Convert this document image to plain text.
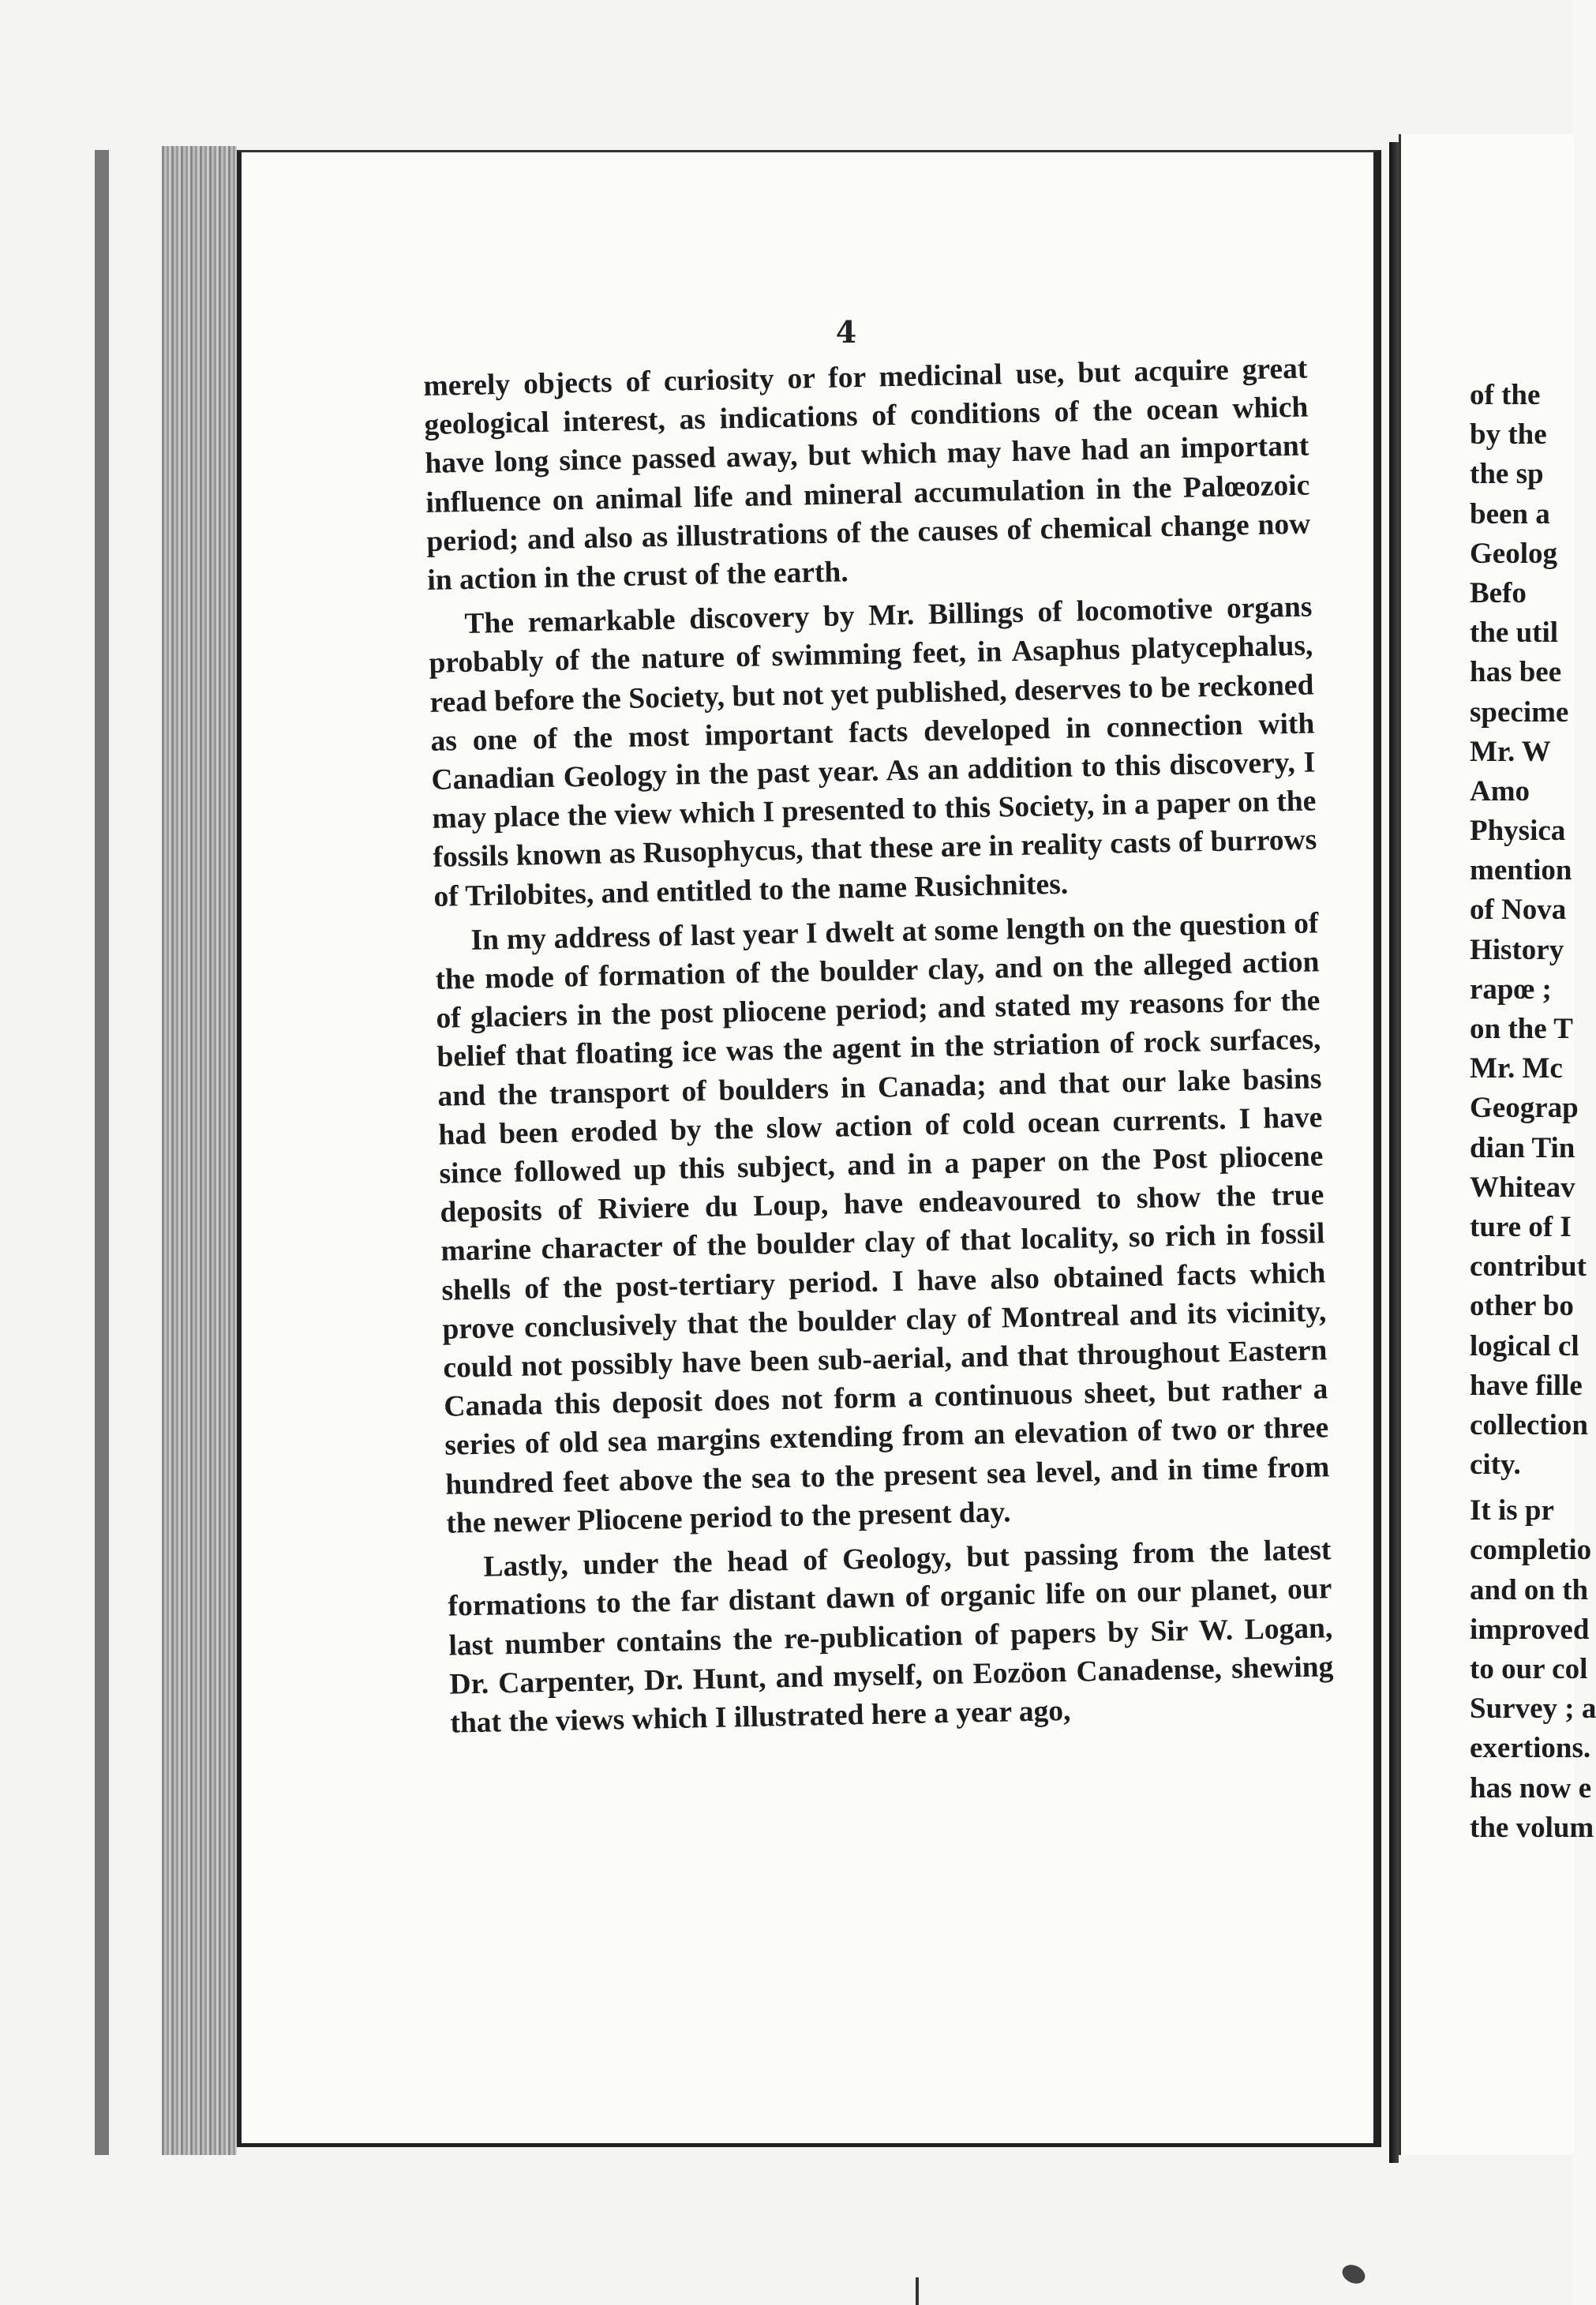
4

merely objects of curiosity or for medicinal use, but acquire great geological interest, as indications of conditions of the ocean which have long since passed away, but which may have had an important influence on animal life and mineral accumulation in the Palœozoic period; and also as illustrations of the causes of chemical change now in action in the crust of the earth.

The remarkable discovery by Mr. Billings of locomotive organs probably of the nature of swimming feet, in Asaphus platycephalus, read before the Society, but not yet published, deserves to be reckoned as one of the most important facts developed in connection with Canadian Geology in the past year. As an addition to this discovery, I may place the view which I presented to this Society, in a paper on the fossils known as Rusophycus, that these are in reality casts of burrows of Trilobites, and entitled to the name Rusichnites.

In my address of last year I dwelt at some length on the question of the mode of formation of the boulder clay, and on the alleged action of glaciers in the post pliocene period; and stated my reasons for the belief that floating ice was the agent in the striation of rock surfaces, and the transport of boulders in Canada; and that our lake basins had been eroded by the slow action of cold ocean currents. I have since followed up this subject, and in a paper on the Post pliocene deposits of Riviere du Loup, have endeavoured to show the true marine character of the boulder clay of that locality, so rich in fossil shells of the post-tertiary period. I have also obtained facts which prove conclusively that the boulder clay of Montreal and its vicinity, could not possibly have been sub-aerial, and that throughout Eastern Canada this deposit does not form a continuous sheet, but rather a series of old sea margins extending from an elevation of two or three hundred feet above the sea to the present sea level, and in time from the newer Pliocene period to the present day.

Lastly, under the head of Geology, but passing from the latest formations to the far distant dawn of organic life on our planet, our last number contains the re-publication of papers by Sir W. Logan, Dr. Carpenter, Dr. Hunt, and myself, on Eozöon Canadense, shewing that the views which I illustrated here a year ago,

of the
by the
the sp
been a
Geolog
Befo
the util
has bee
specime
Mr. W
Amo
Physica
mention
of Nova
History
rapœ ;
on the T
Mr. Mc
Geograp
dian Tin
Whiteav
ture of I
contribut
other bo
logical cl
have fille
collection
city.
It is pr
completio
and on th
improved
to our col
Survey ; a
exertions.
has now e
the volum
